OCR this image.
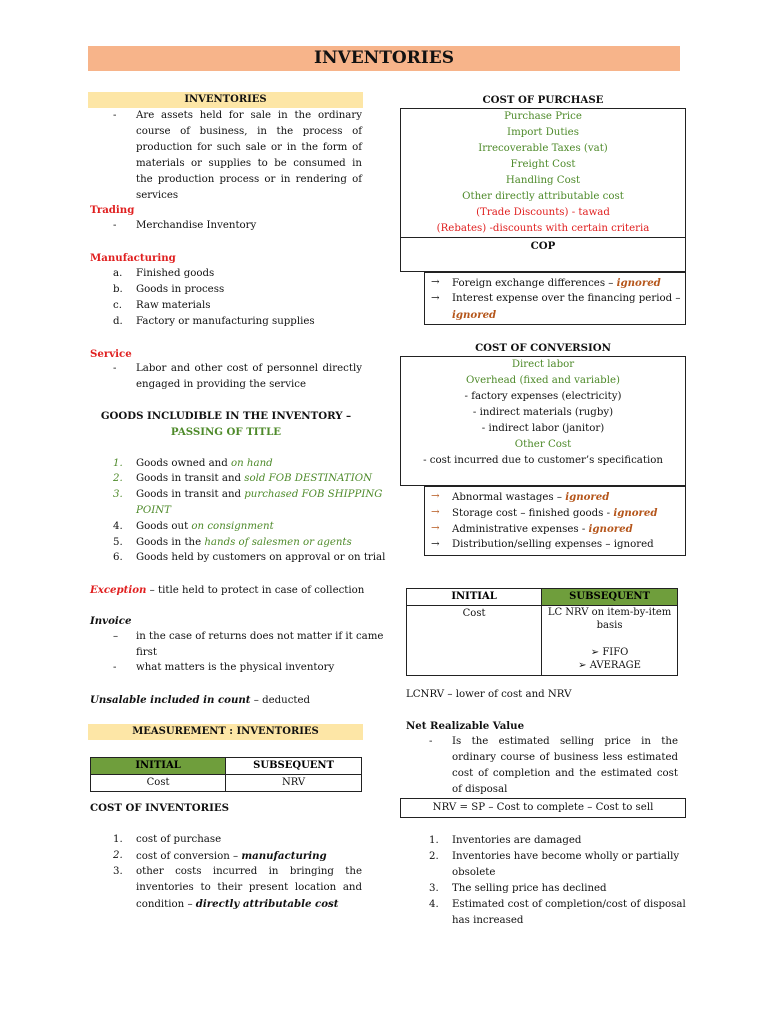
INVENTORIES
INVENTORIES
- Are assets held for sale in the ordinary course of business, in the process of production for such sale or in the form of materials or supplies to be consumed in the production process or in rendering of services
Trading
- Merchandise Inventory
Manufacturing
a. Finished goods
b. Goods in process
c. Raw materials
d. Factory or manufacturing supplies
Service
- Labor and other cost of personnel directly engaged in providing the service
GOODS INCLUDIBLE IN THE INVENTORY – PASSING OF TITLE
1. Goods owned and on hand
2. Goods in transit and sold FOB DESTINATION
3. Goods in transit and purchased FOB SHIPPING
POINT
4. Goods out on consignment
5. Goods in the hands of salesmen or agents
6. Goods held by customers on approval or on trial
Exception – title held to protect in case of collection
Invoice
– in the case of returns does not matter if it came
first
- what matters is the physical inventory
Unsalable included in count – deducted
MEASUREMENT : INVENTORIES
INITIAL	SUBSEQUENT
Cost	NRV
COST OF INVENTORIES
1. cost of purchase
2. cost of conversion – manufacturing
3. other costs incurred in bringing the inventories to their present location and condition – directly attributable cost
COST OF PURCHASE
Purchase Price
Import Duties
Irrecoverable Taxes (vat)
Freight Cost
Handling Cost
Other directly attributable cost
(Trade Discounts) - tawad
(Rebates) -discounts with certain criteria
COP
→ Foreign exchange differences – ignored
→ Interest expense over the financing period –
ignored
COST OF CONVERSION
Direct labor
Overhead (fixed and variable)
- factory expenses (electricity)
- indirect materials (rugby)
- indirect labor (janitor)
Other Cost
- cost incurred due to customer’s specification
→ Abnormal wastages – ignored
→ Storage cost – finished goods - ignored
→ Administrative expenses - ignored
→ Distribution/selling expenses – ignored
INITIAL	SUBSEQUENT
Cost	LC NRV on item-by-item
basis
➢ FIFO
➢ AVERAGE
LCNRV – lower of cost and NRV
Net Realizable Value
- Is the estimated selling price in the ordinary course of business less estimated cost of completion and the estimated cost of disposal
NRV = SP – Cost to complete – Cost to sell
1. Inventories are damaged
2. Inventories have become wholly or partially
obsolete
3. The selling price has declined
4. Estimated cost of completion/cost of disposal
has increased
